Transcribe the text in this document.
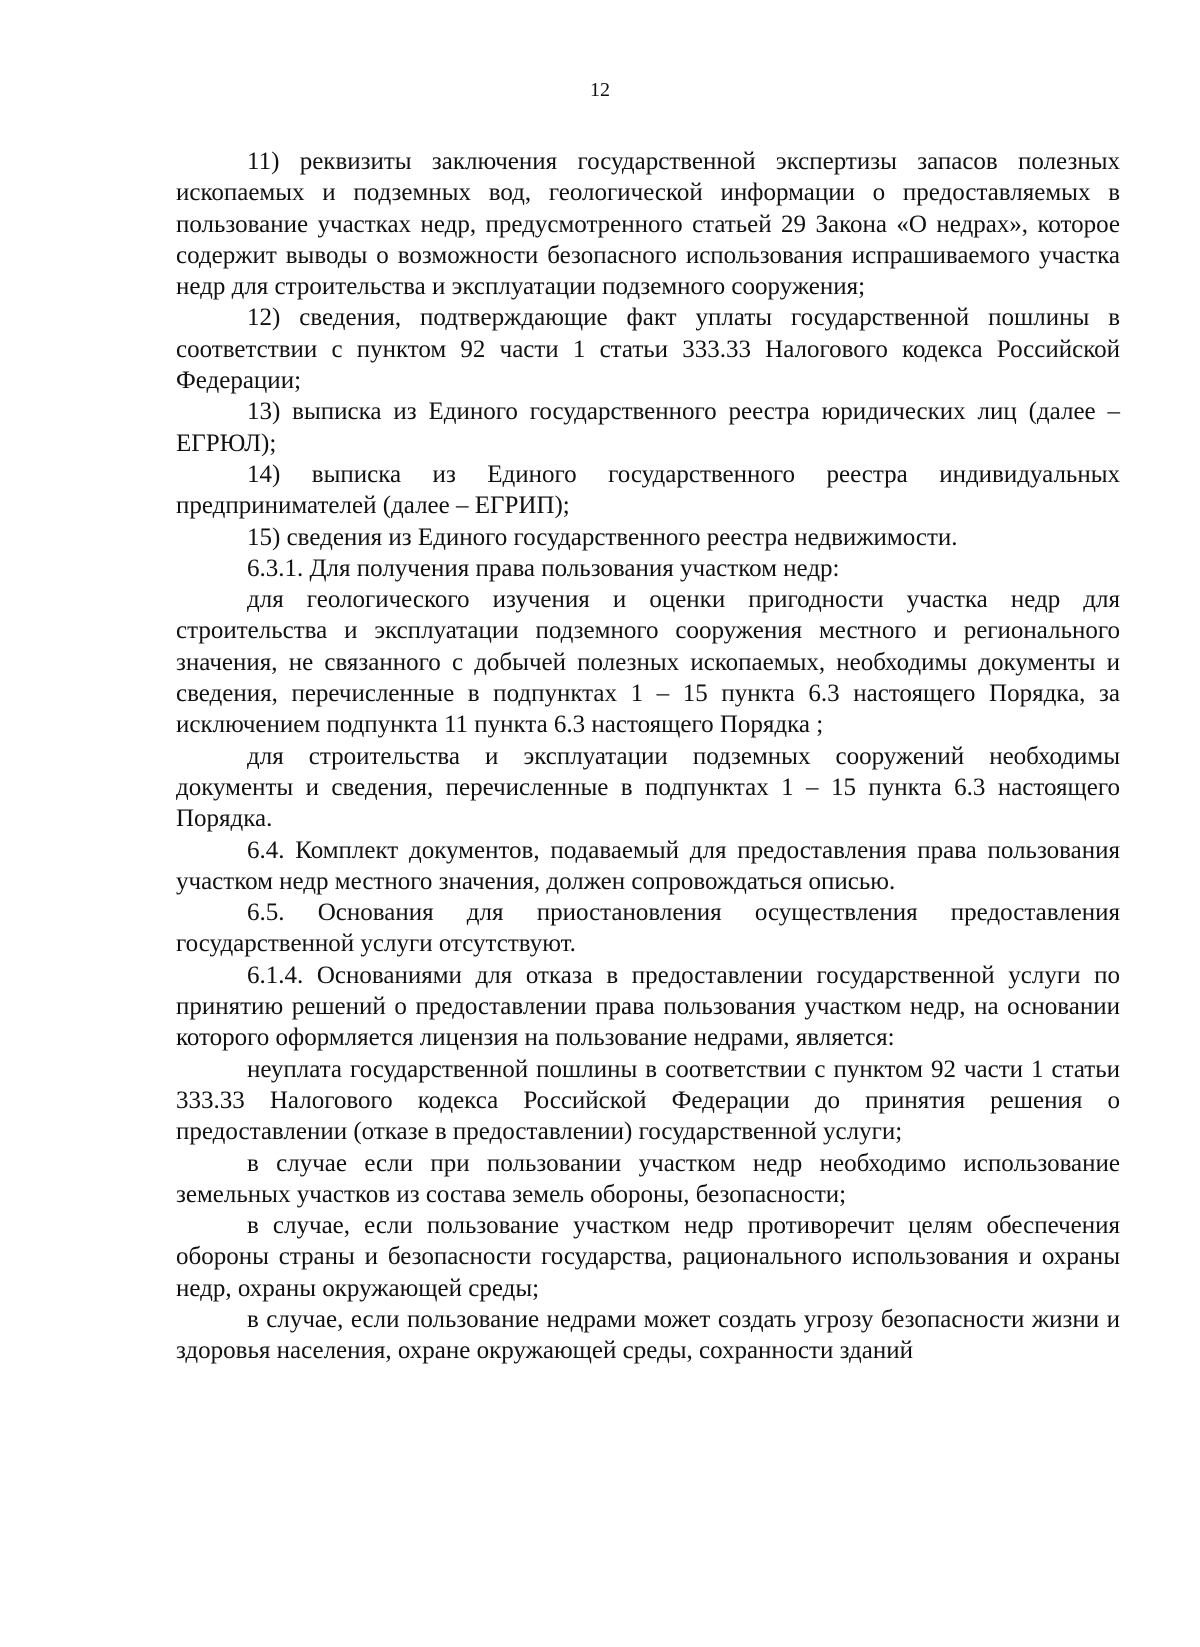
12

11) реквизиты заключения государственной экспертизы запасов полезных ископаемых и подземных вод, геологической информации о предоставляемых в пользование участках недр, предусмотренного статьей 29 Закона «О недрах», которое содержит выводы о возможности безопасного использования испрашиваемого участка недр для строительства и эксплуатации подземного сооружения;

12) сведения, подтверждающие факт уплаты государственной пошлины в соответствии с пунктом 92 части 1 статьи 333.33 Налогового кодекса Российской Федерации;

13) выписка из Единого государственного реестра юридических лиц (далее – ЕГРЮЛ);

14) выписка из Единого государственного реестра индивидуальных предпринимателей (далее – ЕГРИП);

15) сведения из Единого государственного реестра недвижимости.

6.3.1. Для получения права пользования участком недр:

для геологического изучения и оценки пригодности участка недр для строительства и эксплуатации подземного сооружения местного и регионального значения, не связанного с добычей полезных ископаемых, необходимы документы и сведения, перечисленные в подпунктах 1 – 15 пункта 6.3 настоящего Порядка, за исключением подпункта 11 пункта 6.3 настоящего Порядка ;

для строительства и эксплуатации подземных сооружений необходимы документы и сведения, перечисленные в подпунктах 1 – 15 пункта 6.3 настоящего Порядка.

6.4. Комплект документов, подаваемый для предоставления права пользования участком недр местного значения, должен сопровождаться описью.

6.5. Основания для приостановления осуществления предоставления государственной услуги отсутствуют.

6.1.4. Основаниями для отказа в предоставлении государственной услуги по принятию решений о предоставлении права пользования участком недр, на основании которого оформляется лицензия на пользование недрами, является:

неуплата государственной пошлины в соответствии с пунктом 92 части 1 статьи 333.33 Налогового кодекса Российской Федерации до принятия решения о предоставлении (отказе в предоставлении) государственной услуги;

в случае если при пользовании участком недр необходимо использование земельных участков из состава земель обороны, безопасности;

в случае, если пользование участком недр противоречит целям обеспечения обороны страны и безопасности государства, рационального использования и охраны недр, охраны окружающей среды;

в случае, если пользование недрами может создать угрозу безопасности жизни и здоровья населения, охране окружающей среды, сохранности зданий
